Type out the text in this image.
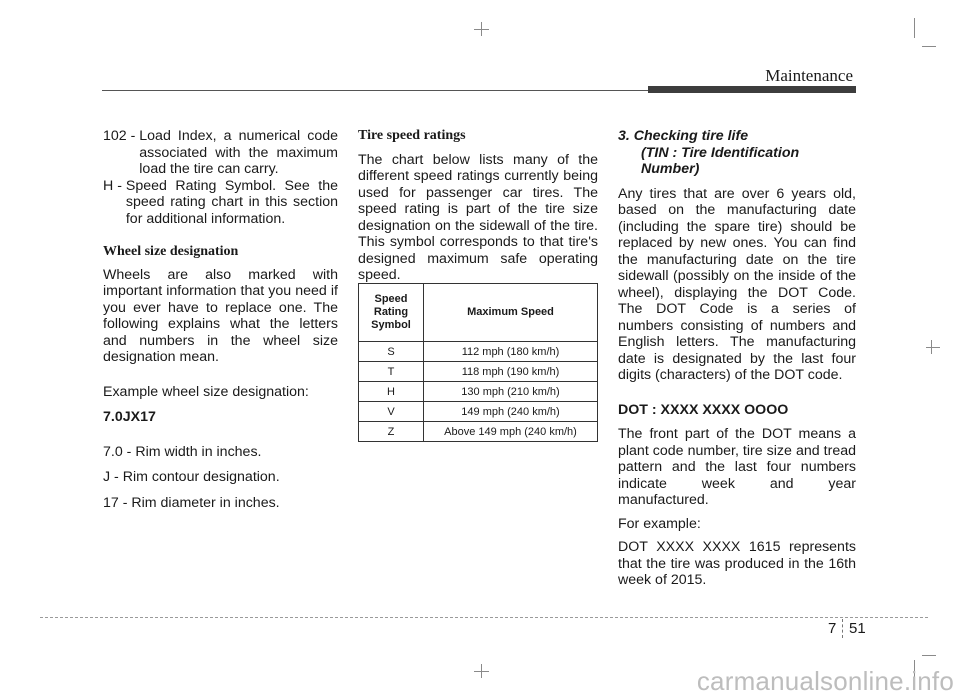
Maintenance
102 - Load Index, a numerical code associated with the maximum load the tire can carry.
H - Speed Rating Symbol. See the speed rating chart in this section for additional information.

Wheel size designation

Wheels are also marked with important information that you need if you ever have to replace one. The following explains what the letters and numbers in the wheel size designation mean.

Example wheel size designation:

7.0JX17

7.0 - Rim width in inches.

J - Rim contour designation.

17 - Rim diameter in inches.

Tire speed ratings

The chart below lists many of the different speed ratings currently being used for passenger car tires. The speed rating is part of the tire size designation on the sidewall of the tire. This symbol corresponds to that tire's designed maximum safe operating speed.

Speed
Rating
Symbol	Maximum Speed
S	112 mph (180 km/h)
T	118 mph (190 km/h)
H	130 mph (210 km/h)
V	149 mph (240 km/h)
Z	Above 149 mph (240 km/h)

3. Checking tire life
(TIN : Tire Identification
Number)

Any tires that are over 6 years old, based on the manufacturing date (including the spare tire) should be replaced by new ones. You can find the manufacturing date on the tire sidewall (possibly on the inside of the wheel), displaying the DOT Code. The DOT Code is a series of numbers consisting of numbers and English letters. The manufacturing date is designated by the last four digits (characters) of the DOT code.

DOT : XXXX XXXX OOOO

The front part of the DOT means a plant code number, tire size and tread pattern and the last four numbers indicate week and year manufactured.

For example:

DOT XXXX XXXX 1615 represents that the tire was produced in the 16th week of 2015.

7 51
carmanualsonline.info
